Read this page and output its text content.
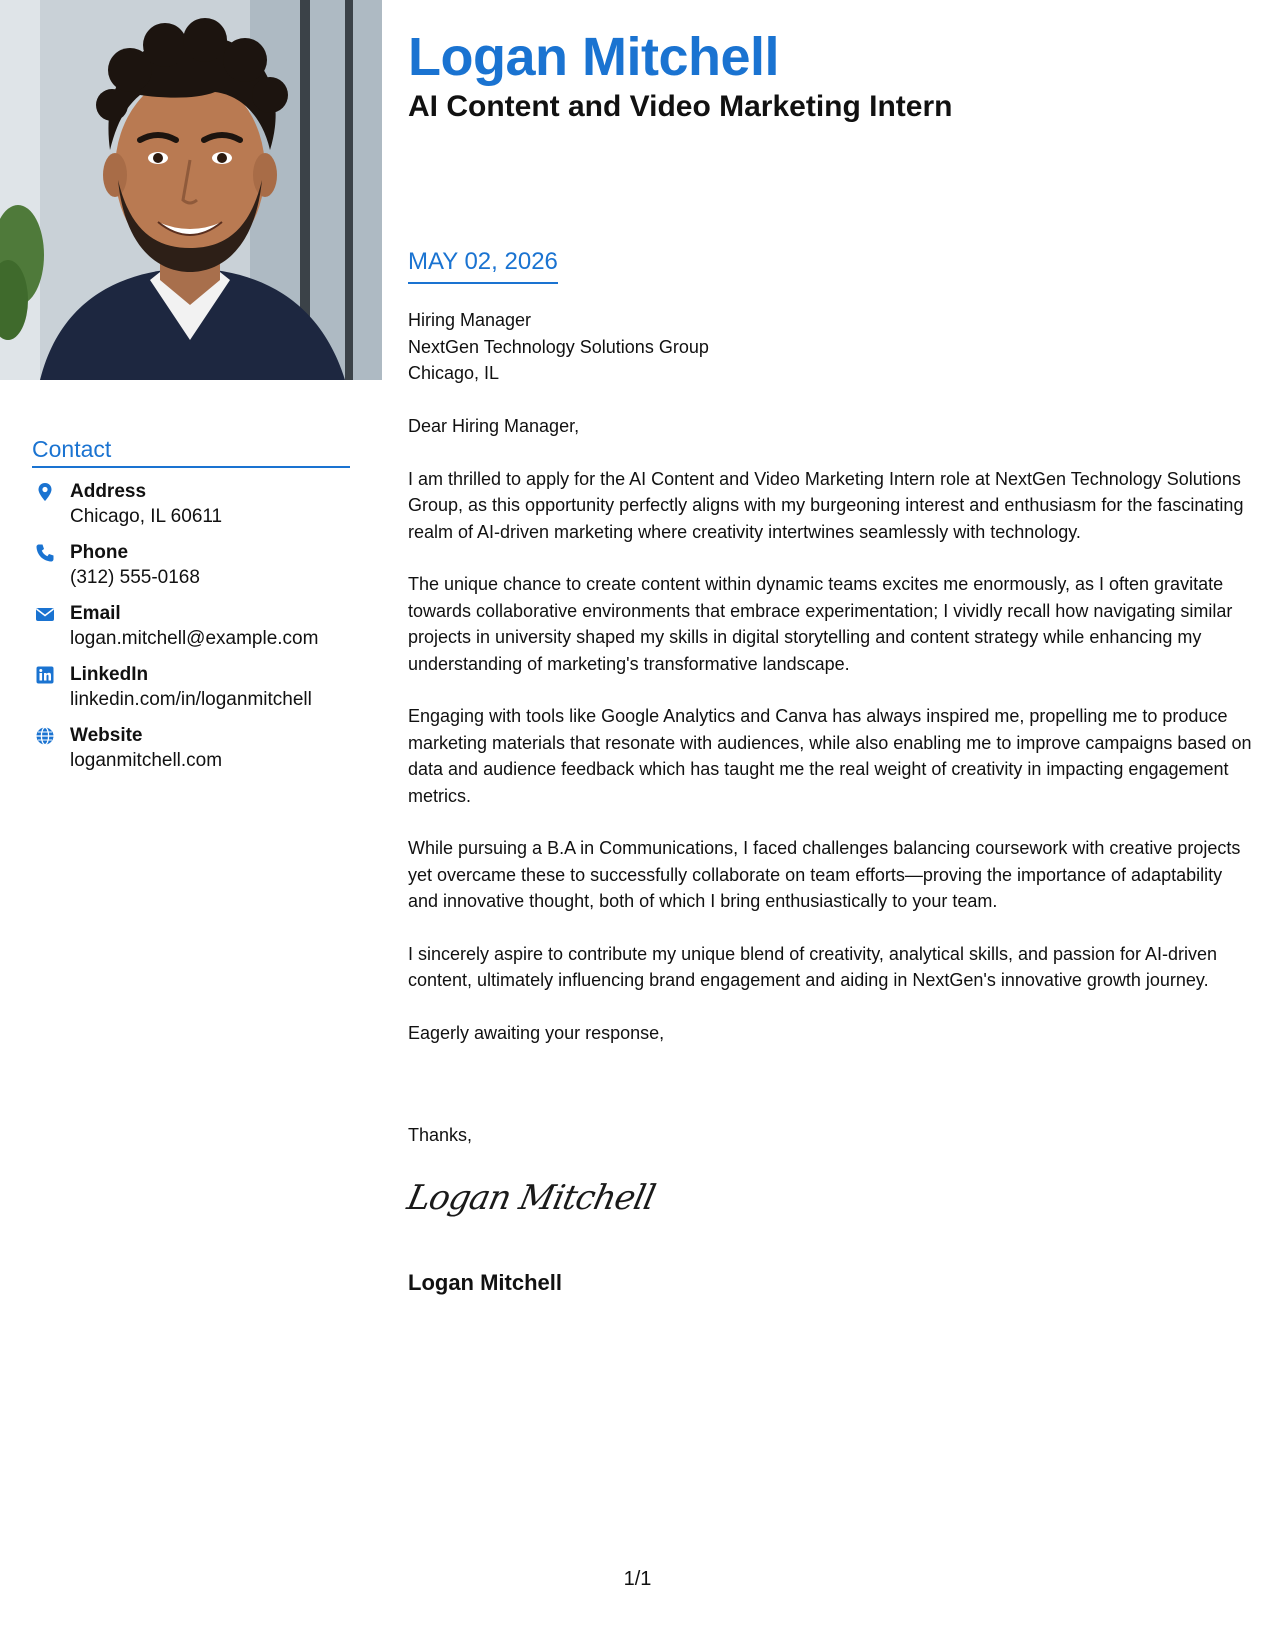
Contact
Address
Chicago, IL 60611
Phone
(312) 555-0168
Email
logan.mitchell@example.com
LinkedIn
linkedin.com/in/loganmitchell
Website
loganmitchell.com
Logan Mitchell
AI Content and Video Marketing Intern
MAY 02, 2026
Hiring Manager
NextGen Technology Solutions Group
Chicago, IL

Dear Hiring Manager,

I am thrilled to apply for the AI Content and Video Marketing Intern role at NextGen Technology Solutions Group, as this opportunity perfectly aligns with my burgeoning interest and enthusiasm for the fascinating realm of AI-driven marketing where creativity intertwines seamlessly with technology.

The unique chance to create content within dynamic teams excites me enormously, as I often gravitate towards collaborative environments that embrace experimentation; I vividly recall how navigating similar projects in university shaped my skills in digital storytelling and content strategy while enhancing my understanding of marketing's transformative landscape.

Engaging with tools like Google Analytics and Canva has always inspired me, propelling me to produce marketing materials that resonate with audiences, while also enabling me to improve campaigns based on data and audience feedback which has taught me the real weight of creativity in impacting engagement metrics.

While pursuing a B.A in Communications, I faced challenges balancing coursework with creative projects yet overcame these to successfully collaborate on team efforts—proving the importance of adaptability and innovative thought, both of which I bring enthusiastically to your team.

I sincerely aspire to contribute my unique blend of creativity, analytical skills, and passion for AI-driven content, ultimately influencing brand engagement and aiding in NextGen's innovative growth journey.

Eagerly awaiting your response,

Thanks,

Logan Mitchell

Logan Mitchell

1/1
